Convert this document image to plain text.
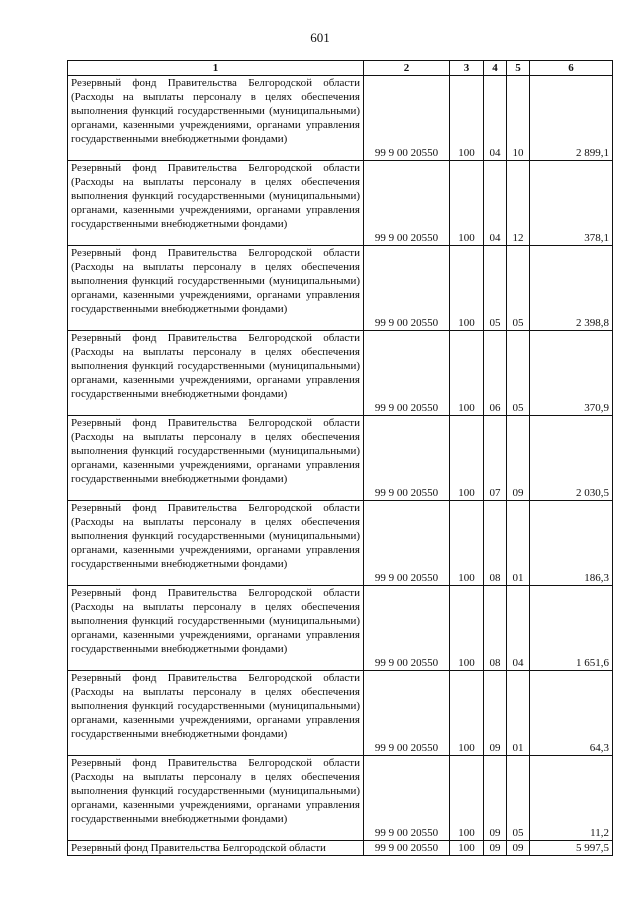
601
1	2	3	4	5	6

Резервный фонд Правительства Белгородской области (Расходы на выплаты персоналу в целях обеспечения выполнения функций государственными (муниципальными) органами, казенными учреждениями, органами управления государственными внебюджетными фондами)	99 9 00 20550	100	04	10	2 899,1

Резервный фонд Правительства Белгородской области (Расходы на выплаты персоналу в целях обеспечения выполнения функций государственными (муниципальными) органами, казенными учреждениями, органами управления государственными внебюджетными фондами)	99 9 00 20550	100	04	12	378,1

Резервный фонд Правительства Белгородской области (Расходы на выплаты персоналу в целях обеспечения выполнения функций государственными (муниципальными) органами, казенными учреждениями, органами управления государственными внебюджетными фондами)	99 9 00 20550	100	05	05	2 398,8

Резервный фонд Правительства Белгородской области (Расходы на выплаты персоналу в целях обеспечения выполнения функций государственными (муниципальными) органами, казенными учреждениями, органами управления государственными внебюджетными фондами)	99 9 00 20550	100	06	05	370,9

Резервный фонд Правительства Белгородской области (Расходы на выплаты персоналу в целях обеспечения выполнения функций государственными (муниципальными) органами, казенными учреждениями, органами управления государственными внебюджетными фондами)	99 9 00 20550	100	07	09	2 030,5

Резервный фонд Правительства Белгородской области (Расходы на выплаты персоналу в целях обеспечения выполнения функций государственными (муниципальными) органами, казенными учреждениями, органами управления государственными внебюджетными фондами)	99 9 00 20550	100	08	01	186,3

Резервный фонд Правительства Белгородской области (Расходы на выплаты персоналу в целях обеспечения выполнения функций государственными (муниципальными) органами, казенными учреждениями, органами управления государственными внебюджетными фондами)	99 9 00 20550	100	08	04	1 651,6

Резервный фонд Правительства Белгородской области (Расходы на выплаты персоналу в целях обеспечения выполнения функций государственными (муниципальными) органами, казенными учреждениями, органами управления государственными внебюджетными фондами)	99 9 00 20550	100	09	01	64,3

Резервный фонд Правительства Белгородской области (Расходы на выплаты персоналу в целях обеспечения выполнения функций государственными (муниципальными) органами, казенными учреждениями, органами управления государственными внебюджетными фондами)	99 9 00 20550	100	09	05	11,2

Резервный фонд Правительства Белгородской области	99 9 00 20550	100	09	09	5 997,5
